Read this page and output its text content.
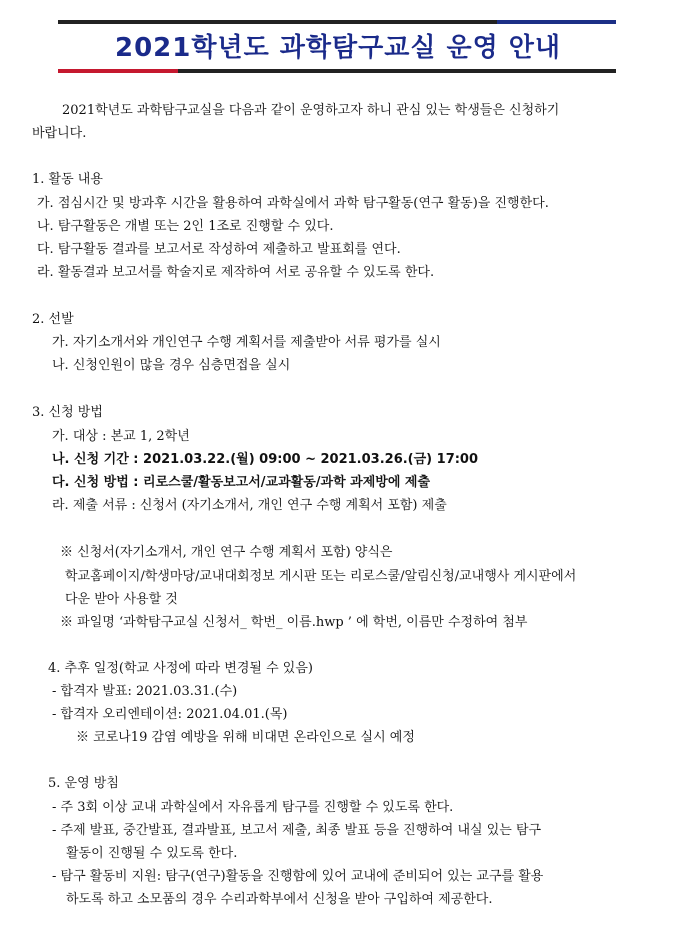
2021학년도 과학탐구교실 운영 안내
2021학년도 과학탐구교실을 다음과 같이 운영하고자 하니 관심 있는 학생들은 신청하기
바랍니다.
1. 활동 내용
가. 점심시간 및 방과후 시간을 활용하여 과학실에서 과학 탐구활동(연구 활동)을 진행한다.
나. 탐구활동은 개별 또는 2인 1조로 진행할 수 있다.
다. 탐구활동 결과를 보고서로 작성하여 제출하고 발표회를 연다.
라. 활동결과 보고서를 학술지로 제작하여 서로 공유할 수 있도록 한다.
2. 선발
가. 자기소개서와 개인연구 수행 계획서를 제출받아 서류 평가를 실시
나. 신청인원이 많을 경우 심층면접을 실시
3. 신청 방법
가. 대상 : 본교 1, 2학년
나. 신청 기간 : 2021.03.22.(월) 09:00 ~ 2021.03.26.(금) 17:00
다. 신청 방법 : 리로스쿨/활동보고서/교과활동/과학 과제방에 제출
라. 제출 서류 : 신청서 (자기소개서, 개인 연구 수행 계획서 포함) 제출
※ 신청서(자기소개서, 개인 연구 수행 계획서 포함) 양식은
학교홈페이지/학생마당/교내대회정보 게시판 또는 리로스쿨/알림신청/교내행사 게시판에서
다운 받아 사용할 것
※ 파일명 ‘과학탐구교실 신청서_ 학번_ 이름.hwp ’ 에 학번, 이름만 수정하여 첨부
4. 추후 일정(학교 사정에 따라 변경될 수 있음)
- 합격자 발표: 2021.03.31.(수)
- 합격자 오리엔테이션: 2021.04.01.(목)
※ 코로나19 감염 예방을 위해 비대면 온라인으로 실시 예정
5. 운영 방침
- 주 3회 이상 교내 과학실에서 자유롭게 탐구를 진행할 수 있도록 한다.
- 주제 발표, 중간발표, 결과발표, 보고서 제출, 최종 발표 등을 진행하여 내실 있는 탐구
활동이 진행될 수 있도록 한다.
- 탐구 활동비 지원: 탐구(연구)활동을 진행함에 있어 교내에 준비되어 있는 교구를 활용
하도록 하고 소모품의 경우 수리과학부에서 신청을 받아 구입하여 제공한다.
